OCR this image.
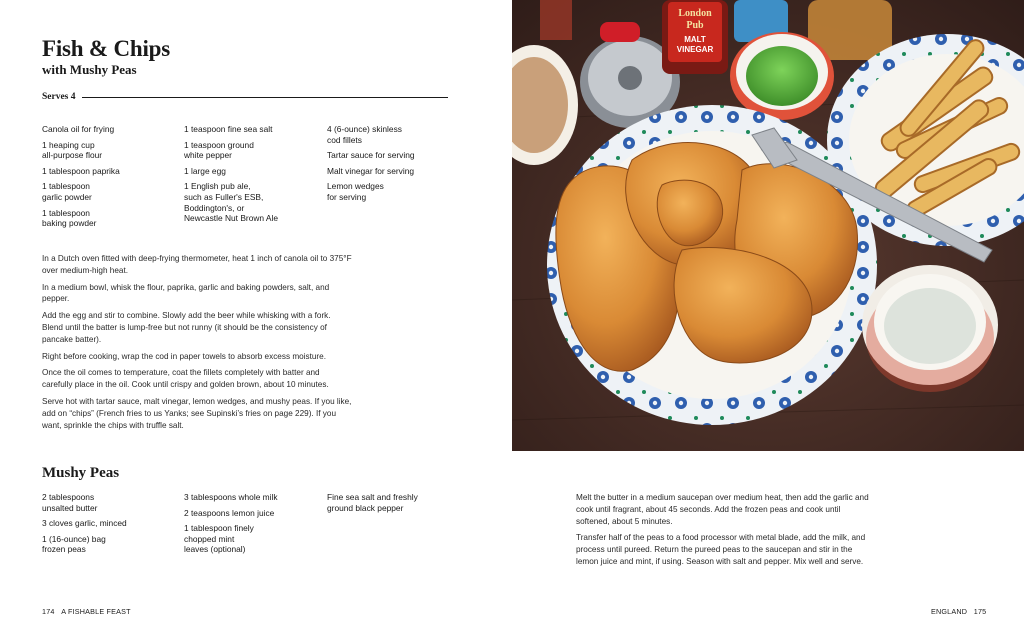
Fish & Chips
with Mushy Peas
Serves 4

Canola oil for frying

1 heaping cup
all-purpose flour

1 tablespoon paprika

1 tablespoon
garlic powder

1 tablespoon
baking powder

1 teaspoon fine sea salt

1 teaspoon ground
white pepper

1 large egg

1 English pub ale,
such as Fuller's ESB,
Boddington's, or
Newcastle Nut Brown Ale

4 (6-ounce) skinless
cod fillets

Tartar sauce for serving

Malt vinegar for serving

Lemon wedges
for serving

In a Dutch oven fitted with deep-frying thermometer, heat 1 inch of canola oil to 375°F over medium-high heat.

In a medium bowl, whisk the flour, paprika, garlic and baking powders, salt, and pepper.

Add the egg and stir to combine. Slowly add the beer while whisking with a fork. Blend until the batter is lump-free but not runny (it should be the consistency of pancake batter).

Right before cooking, wrap the cod in paper towels to absorb excess moisture.

Once the oil comes to temperature, coat the fillets completely with batter and carefully place in the oil. Cook until crispy and golden brown, about 10 minutes.

Serve hot with tartar sauce, malt vinegar, lemon wedges, and mushy peas. If you like, add on “chips” (French fries to us Yanks; see Supinski’s fries on page 229). If you want, sprinkle the chips with truffle salt.

Mushy Peas

2 tablespoons
unsalted butter

3 cloves garlic, minced

1 (16-ounce) bag
frozen peas

3 tablespoons whole milk

2 teaspoons lemon juice

1 tablespoon finely
chopped mint
leaves (optional)

Fine sea salt and freshly
ground black pepper

Melt the butter in a medium saucepan over medium heat, then add the garlic and cook until fragrant, about 45 seconds. Add the frozen peas and cook until softened, about 5 minutes.

Transfer half of the peas to a food processor with metal blade, add the milk, and process until pureed. Return the pureed peas to the saucepan and stir in the lemon juice and mint, if using. Season with salt and pepper. Mix well and serve.

174 A FISHABLE FEAST	ENGLAND 175
London
Pub
MALT
VINEGAR
